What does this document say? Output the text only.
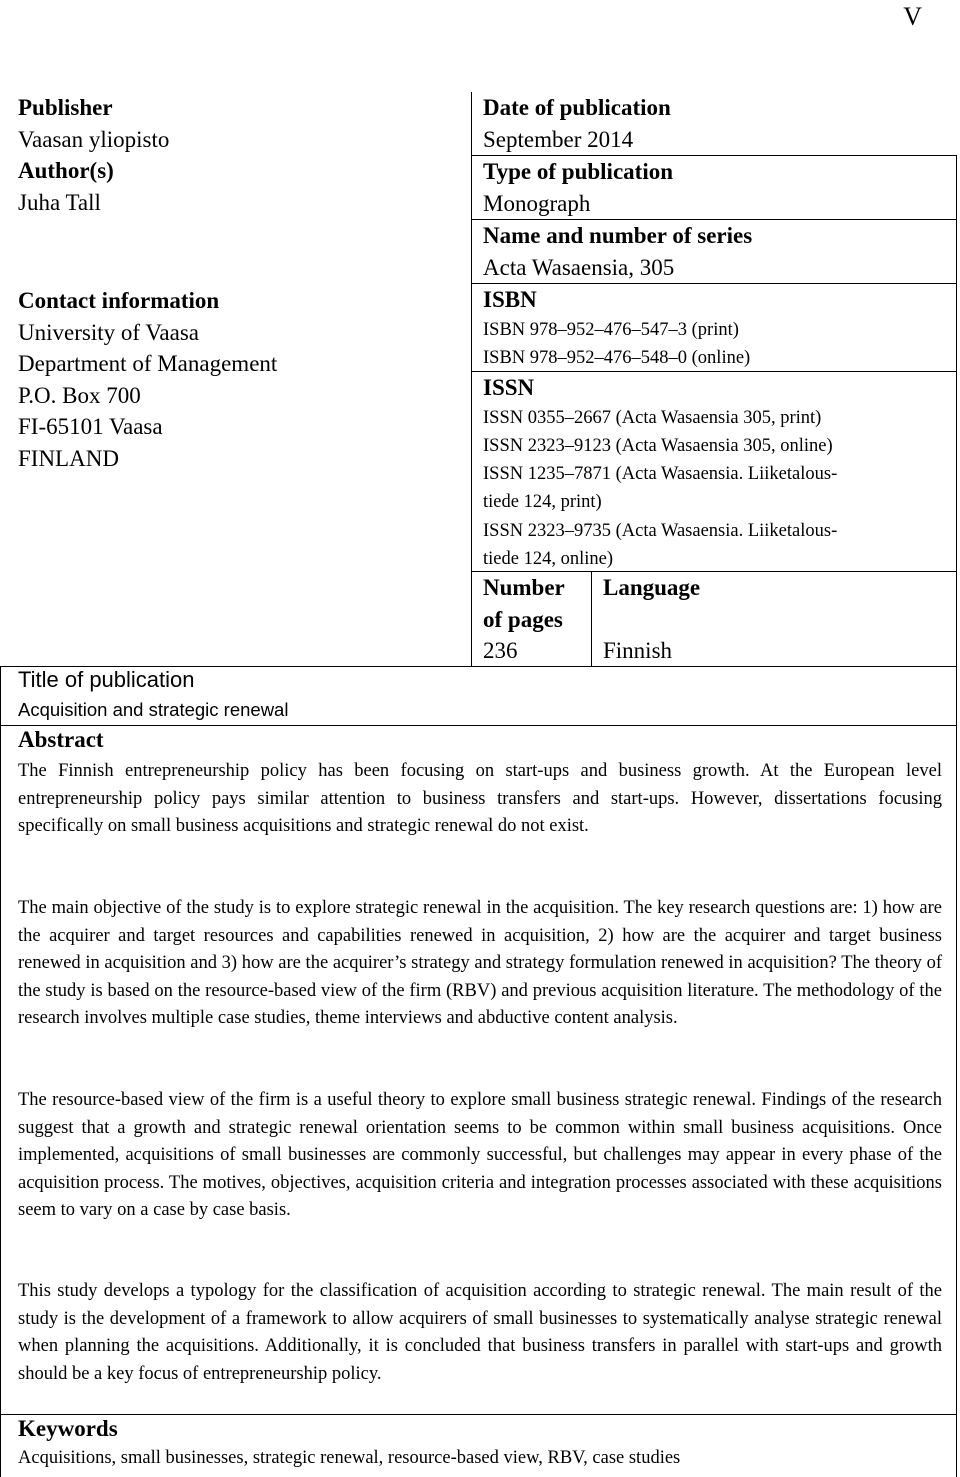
V
Publisher
Vaasan yliopisto
Author(s)
Juha Tall
Contact information
University of Vaasa
Department of Management
P.O. Box 700
FI-65101 Vaasa
FINLAND
Date of publication
September 2014
Type of publication
Monograph
Name and number of series
Acta Wasaensia, 305
ISBN
ISBN 978–952–476–547–3 (print)
ISBN 978–952–476–548–0 (online)
ISSN
ISSN 0355–2667 (Acta Wasaensia 305, print)
ISSN 2323–9123 (Acta Wasaensia 305, online)
ISSN 1235–7871 (Acta Wasaensia. Liiketalous-
tiede 124, print)
ISSN 2323–9735 (Acta Wasaensia. Liiketalous-
tiede 124, online)
Number
of pages
236
Language
Finnish
Title of publication
Acquisition and strategic renewal
Abstract
The Finnish entrepreneurship policy has been focusing on start-ups and business growth. At the European level entrepreneurship policy pays similar attention to business transfers and start-ups. However, dissertations focusing specifically on small business acquisitions and strategic renewal do not exist.
The main objective of the study is to explore strategic renewal in the acquisition. The key research questions are: 1) how are the acquirer and target resources and capabilities renewed in acquisition, 2) how are the acquirer and target business renewed in acquisition and 3) how are the acquirer’s strategy and strategy formulation renewed in acquisition? The theory of the study is based on the resource-based view of the firm (RBV) and previous acquisition literature. The methodology of the research involves multiple case studies, theme interviews and abductive content analysis.
The resource-based view of the firm is a useful theory to explore small business strategic renewal. Findings of the research suggest that a growth and strategic renewal orientation seems to be common within small business acquisitions. Once implemented, acquisitions of small businesses are commonly successful, but challenges may appear in every phase of the acquisition process. The motives, objectives, acquisition criteria and integration processes associated with these acquisitions seem to vary on a case by case basis.
This study develops a typology for the classification of acquisition according to strategic renewal. The main result of the study is the development of a framework to allow acquirers of small businesses to systematically analyse strategic renewal when planning the acquisitions. Additionally, it is concluded that business transfers in parallel with start-ups and growth should be a key focus of entrepreneurship policy.
Keywords
Acquisitions, small businesses, strategic renewal, resource-based view, RBV, case studies
